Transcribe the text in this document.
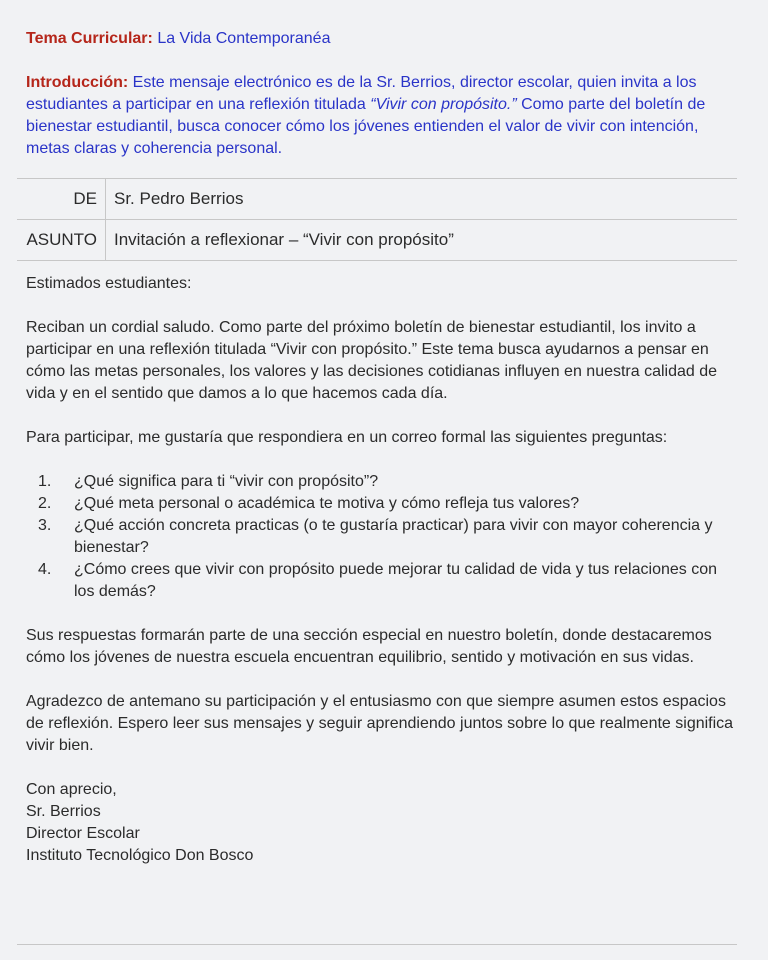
Tema Curricular: La Vida Contemporanéa

Introducción: Este mensaje electrónico es de la Sr. Berrios, director escolar, quien invita a los estudiantes a participar en una reflexión titulada “Vivir con propósito.” Como parte del boletín de bienestar estudiantil, busca conocer cómo los jóvenes entienden el valor de vivir con intención, metas claras y coherencia personal.

DE	Sr. Pedro Berrios
ASUNTO	Invitación a reflexionar – “Vivir con propósito”

Estimados estudiantes:

Reciban un cordial saludo. Como parte del próximo boletín de bienestar estudiantil, los invito a participar en una reflexión titulada “Vivir con propósito.” Este tema busca ayudarnos a pensar en cómo las metas personales, los valores y las decisiones cotidianas influyen en nuestra calidad de vida y en el sentido que damos a lo que hacemos cada día.

Para participar, me gustaría que respondiera en un correo formal las siguientes preguntas:

1.	¿Qué significa para ti “vivir con propósito”?
2.	¿Qué meta personal o académica te motiva y cómo refleja tus valores?
3.	¿Qué acción concreta practicas (o te gustaría practicar) para vivir con mayor coherencia y bienestar?
4.	¿Cómo crees que vivir con propósito puede mejorar tu calidad de vida y tus relaciones con los demás?

Sus respuestas formarán parte de una sección especial en nuestro boletín, donde destacaremos cómo los jóvenes de nuestra escuela encuentran equilibrio, sentido y motivación en sus vidas.

Agradezco de antemano su participación y el entusiasmo con que siempre asumen estos espacios de reflexión. Espero leer sus mensajes y seguir aprendiendo juntos sobre lo que realmente significa vivir bien.

Con aprecio,

Sr. Berrios

Director Escolar

Instituto Tecnológico Don Bosco
